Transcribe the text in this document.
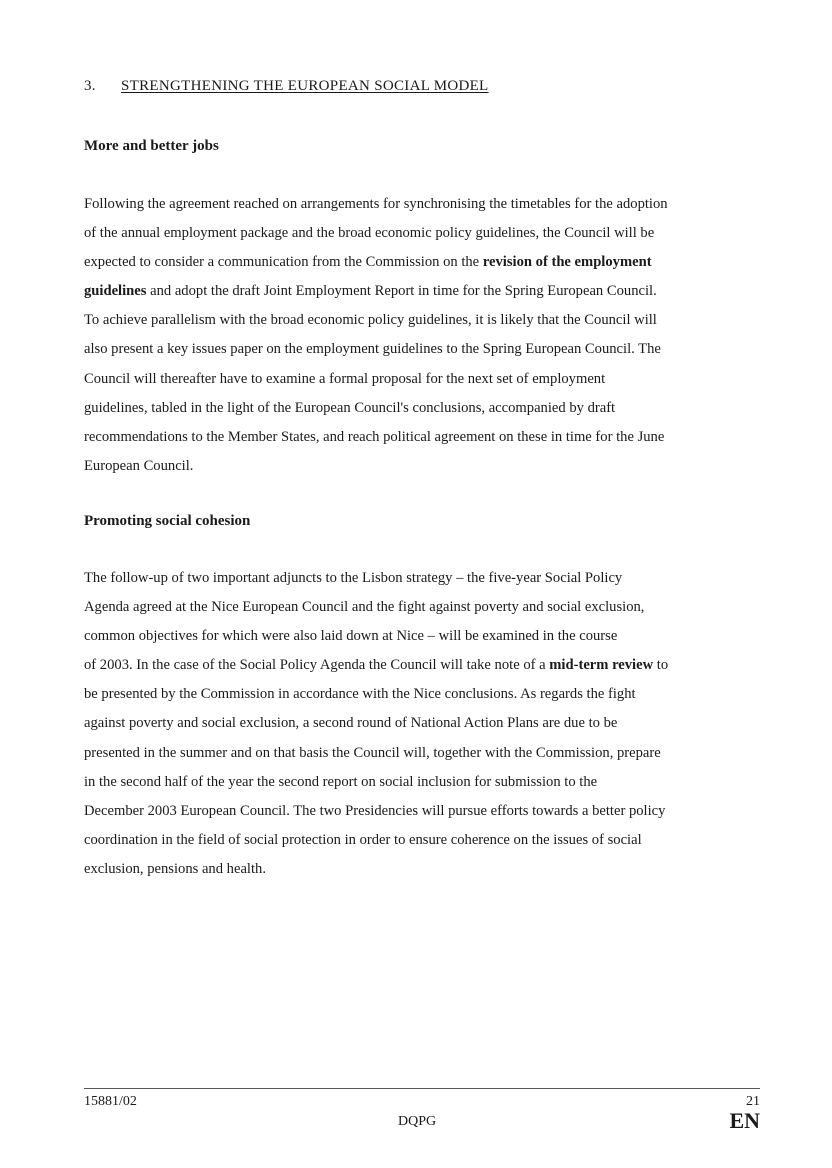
3. STRENGTHENING THE EUROPEAN SOCIAL MODEL
More and better jobs
Following the agreement reached on arrangements for synchronising the timetables for the adoption
of the annual employment package and the broad economic policy guidelines, the Council will be
expected to consider a communication from the Commission on the revision of the employment
guidelines and adopt the draft Joint Employment Report in time for the Spring European Council.
To achieve parallelism with the broad economic policy guidelines, it is likely that the Council will
also present a key issues paper on the employment guidelines to the Spring European Council. The
Council will thereafter have to examine a formal proposal for the next set of employment
guidelines, tabled in the light of the European Council's conclusions, accompanied by draft
recommendations to the Member States, and reach political agreement on these in time for the June
European Council.
Promoting social cohesion
The follow-up of two important adjuncts to the Lisbon strategy – the five-year Social Policy
Agenda agreed at the Nice European Council and the fight against poverty and social exclusion,
common objectives for which were also laid down at Nice – will be examined in the course
of 2003. In the case of the Social Policy Agenda the Council will take note of a mid-term review to
be presented by the Commission in accordance with the Nice conclusions. As regards the fight
against poverty and social exclusion, a second round of National Action Plans are due to be
presented in the summer and on that basis the Council will, together with the Commission, prepare
in the second half of the year the second report on social inclusion for submission to the
December 2003 European Council. The two Presidencies will pursue efforts towards a better policy
coordination in the field of social protection in order to ensure coherence on the issues of social
exclusion, pensions and health.
15881/02
DQPG
21
EN
